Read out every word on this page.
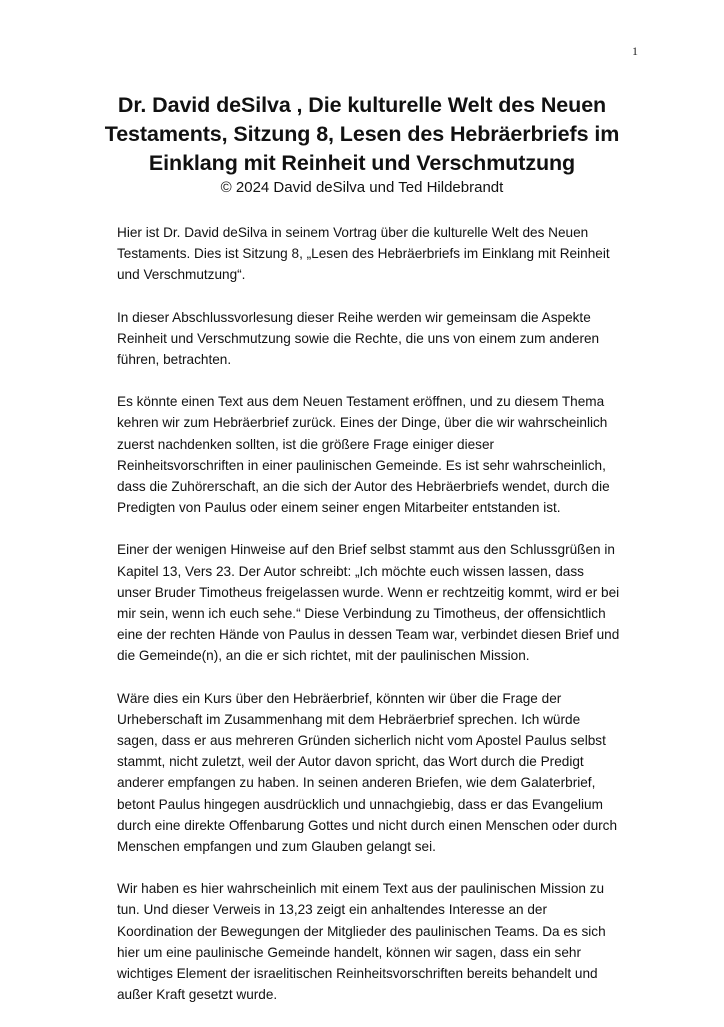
1
Dr. David deSilva , Die kulturelle Welt des Neuen Testaments, Sitzung 8, Lesen des Hebräerbriefs im Einklang mit Reinheit und Verschmutzung

© 2024 David deSilva und Ted Hildebrandt

Hier ist Dr. David deSilva in seinem Vortrag über die kulturelle Welt des Neuen Testaments. Dies ist Sitzung 8, „Lesen des Hebräerbriefs im Einklang mit Reinheit und Verschmutzung“.

In dieser Abschlussvorlesung dieser Reihe werden wir gemeinsam die Aspekte Reinheit und Verschmutzung sowie die Rechte, die uns von einem zum anderen führen, betrachten.

Es könnte einen Text aus dem Neuen Testament eröffnen, und zu diesem Thema kehren wir zum Hebräerbrief zurück. Eines der Dinge, über die wir wahrscheinlich zuerst nachdenken sollten, ist die größere Frage einiger dieser Reinheitsvorschriften in einer paulinischen Gemeinde. Es ist sehr wahrscheinlich, dass die Zuhörerschaft, an die sich der Autor des Hebräerbriefs wendet, durch die Predigten von Paulus oder einem seiner engen Mitarbeiter entstanden ist.

Einer der wenigen Hinweise auf den Brief selbst stammt aus den Schlussgrüßen in Kapitel 13, Vers 23. Der Autor schreibt: „Ich möchte euch wissen lassen, dass unser Bruder Timotheus freigelassen wurde. Wenn er rechtzeitig kommt, wird er bei mir sein, wenn ich euch sehe.“ Diese Verbindung zu Timotheus, der offensichtlich eine der rechten Hände von Paulus in dessen Team war, verbindet diesen Brief und die Gemeinde(n), an die er sich richtet, mit der paulinischen Mission.

Wäre dies ein Kurs über den Hebräerbrief, könnten wir über die Frage der Urheberschaft im Zusammenhang mit dem Hebräerbrief sprechen. Ich würde sagen, dass er aus mehreren Gründen sicherlich nicht vom Apostel Paulus selbst stammt, nicht zuletzt, weil der Autor davon spricht, das Wort durch die Predigt anderer empfangen zu haben. In seinen anderen Briefen, wie dem Galaterbrief, betont Paulus hingegen ausdrücklich und unnachgiebig, dass er das Evangelium durch eine direkte Offenbarung Gottes und nicht durch einen Menschen oder durch Menschen empfangen und zum Glauben gelangt sei.

Wir haben es hier wahrscheinlich mit einem Text aus der paulinischen Mission zu tun. Und dieser Verweis in 13,23 zeigt ein anhaltendes Interesse an der Koordination der Bewegungen der Mitglieder des paulinischen Teams. Da es sich hier um eine paulinische Gemeinde handelt, können wir sagen, dass ein sehr wichtiges Element der israelitischen Reinheitsvorschriften bereits behandelt und außer Kraft gesetzt wurde.
